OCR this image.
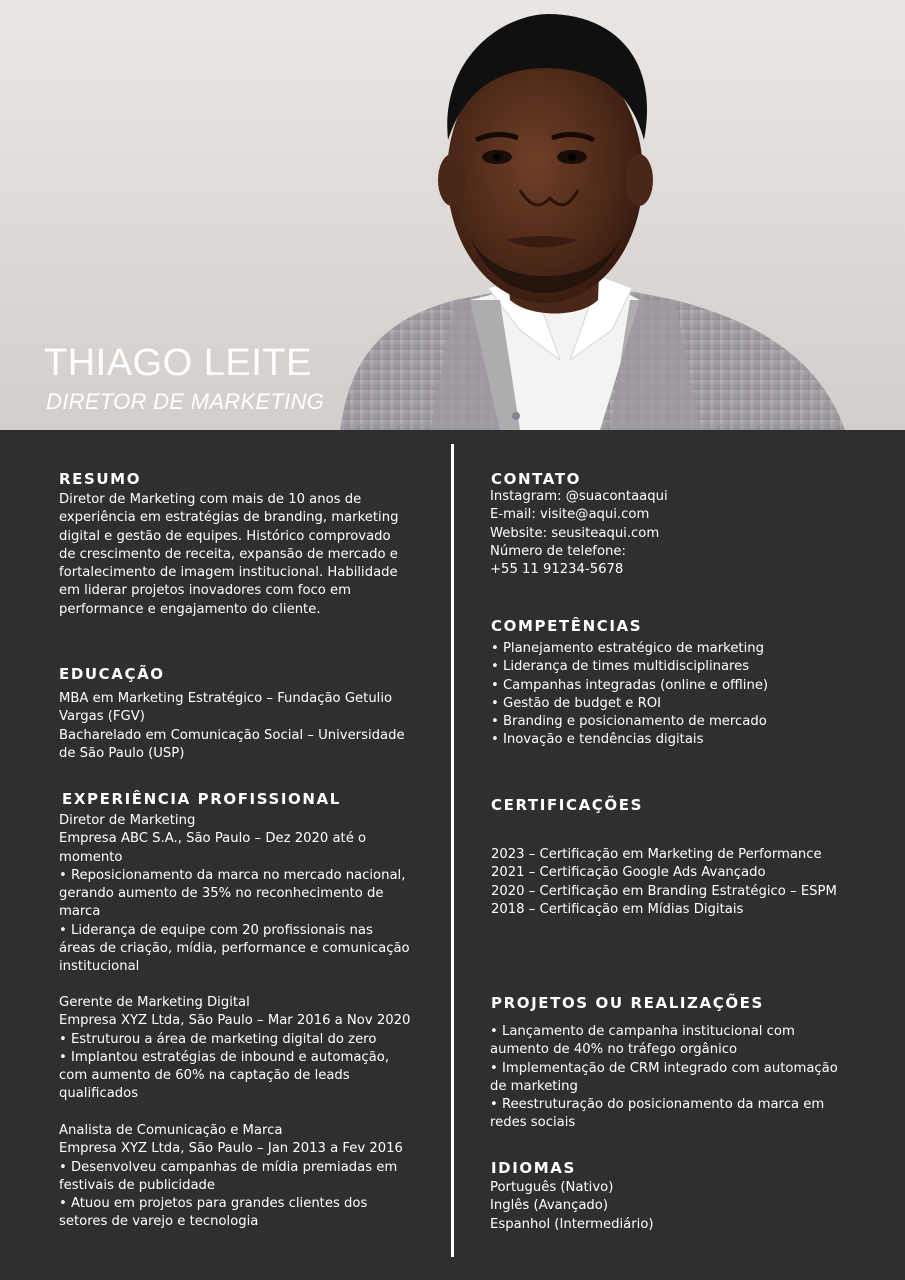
THIAGO LEITE

DIRETOR DE MARKETING

RESUMO
Diretor de Marketing com mais de 10 anos de
experiência em estratégias de branding, marketing
digital e gestão de equipes. Histórico comprovado
de crescimento de receita, expansão de mercado e
fortalecimento de imagem institucional. Habilidade
em liderar projetos inovadores com foco em
performance e engajamento do cliente.
EDUCAÇÃO
MBA em Marketing Estratégico – Fundação Getulio
Vargas (FGV)
Bacharelado em Comunicação Social – Universidade
de São Paulo (USP)
EXPERIÊNCIA PROFISSIONAL
Diretor de Marketing
Empresa ABC S.A., São Paulo – Dez 2020 até o
momento
• Reposicionamento da marca no mercado nacional,
gerando aumento de 35% no reconhecimento de
marca
• Liderança de equipe com 20 profissionais nas
áreas de criação, mídia, performance e comunicação
institucional
Gerente de Marketing Digital
Empresa XYZ Ltda, São Paulo – Mar 2016 a Nov 2020
• Estruturou a área de marketing digital do zero
• Implantou estratégias de inbound e automação,
com aumento de 60% na captação de leads
qualificados
Analista de Comunicação e Marca
Empresa XYZ Ltda, São Paulo – Jan 2013 a Fev 2016
• Desenvolveu campanhas de mídia premiadas em
festivais de publicidade
• Atuou em projetos para grandes clientes dos
setores de varejo e tecnologia
CONTATO
Instagram: @suacontaaqui
E-mail: visite@aqui.com
Website: seusiteaqui.com
Número de telefone:
+55 11 91234-5678
COMPETÊNCIAS
• Planejamento estratégico de marketing
• Liderança de times multidisciplinares
• Campanhas integradas (online e offline)
• Gestão de budget e ROI
• Branding e posicionamento de mercado
• Inovação e tendências digitais
CERTIFICAÇÕES
2023 – Certificação em Marketing de Performance
2021 – Certificação Google Ads Avançado
2020 – Certificação em Branding Estratégico – ESPM
2018 – Certificação em Mídias Digitais
PROJETOS OU REALIZAÇÕES
• Lançamento de campanha institucional com
aumento de 40% no tráfego orgânico
• Implementação de CRM integrado com automação
de marketing
• Reestruturação do posicionamento da marca em
redes sociais
IDIOMAS
Português (Nativo)
Inglês (Avançado)
Espanhol (Intermediário)
